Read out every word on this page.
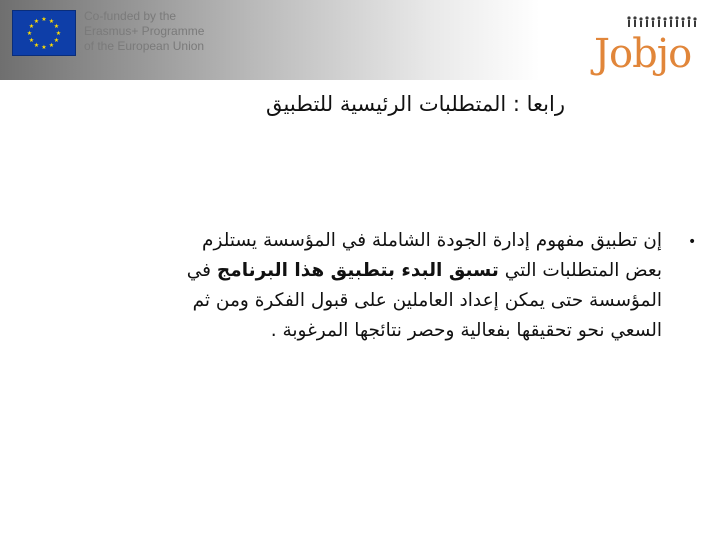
★ ★
★
★
★
★
★
★
★
★
★
★	Co-funded by the
Erasmus+ Programme
of the European Union	Jobjo
رابعا : المتطلبات الرئيسية للتطبيق
•
إن تطبيق مفهوم إدارة الجودة الشاملة في المؤسسة يستلزم
بعض المتطلبات التي تسبق البدء بتطبيق هذا البرنامج في
المؤسسة حتى يمكن إعداد العاملين على قبول الفكرة ومن ثم
السعي نحو تحقيقها بفعالية وحصر نتائجها المرغوبة .
